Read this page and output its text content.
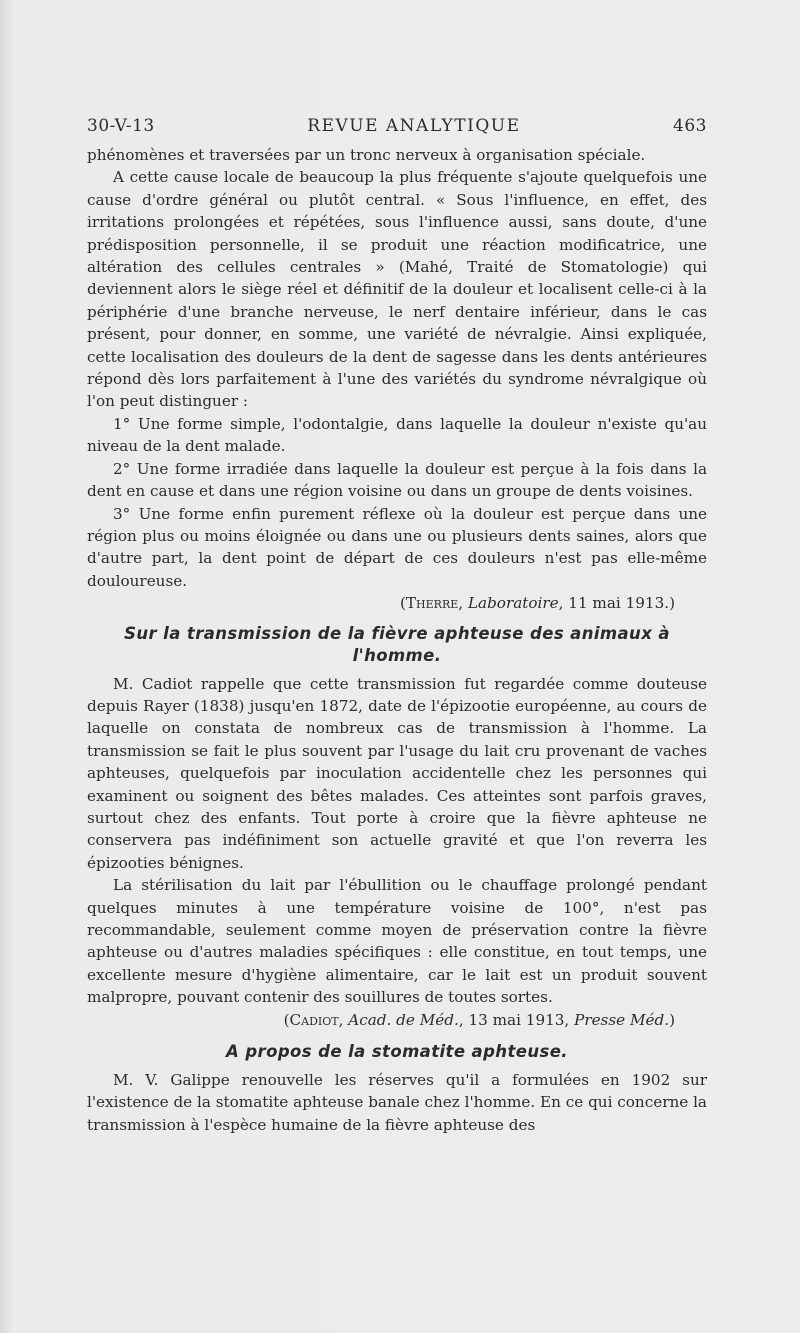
30-V-13	REVUE ANALYTIQUE	463

phénomènes et traversées par un tronc nerveux à organisation spéciale.

A cette cause locale de beaucoup la plus fréquente s'ajoute quelquefois une cause d'ordre général ou plutôt central. « Sous l'influence, en effet, des irritations prolongées et répétées, sous l'influence aussi, sans doute, d'une prédisposition personnelle, il se produit une réaction modificatrice, une altération des cellules centrales » (Mahé, Traité de Stomatologie) qui deviennent alors le siège réel et définitif de la douleur et localisent celle-ci à la périphérie d'une branche nerveuse, le nerf dentaire inférieur, dans le cas présent, pour donner, en somme, une variété de névralgie. Ainsi expliquée, cette localisation des douleurs de la dent de sagesse dans les dents antérieures répond dès lors parfaitement à l'une des variétés du syndrome névralgique où l'on peut distinguer :

1° Une forme simple, l'odontalgie, dans laquelle la douleur n'existe qu'au niveau de la dent malade.

2° Une forme irradiée dans laquelle la douleur est perçue à la fois dans la dent en cause et dans une région voisine ou dans un groupe de dents voisines.

3° Une forme enfin purement réflexe où la douleur est perçue dans une région plus ou moins éloignée ou dans une ou plusieurs dents saines, alors que d'autre part, la dent point de départ de ces douleurs n'est pas elle-même douloureuse.

(Therre, Laboratoire, 11 mai 1913.)
Sur la transmission de la fièvre aphteuse des animaux à l'homme.

M. Cadiot rappelle que cette transmission fut regardée comme douteuse depuis Rayer (1838) jusqu'en 1872, date de l'épizootie européenne, au cours de laquelle on constata de nombreux cas de transmission à l'homme. La transmission se fait le plus souvent par l'usage du lait cru provenant de vaches aphteuses, quelquefois par inoculation accidentelle chez les personnes qui examinent ou soignent des bêtes malades. Ces atteintes sont parfois graves, surtout chez des enfants. Tout porte à croire que la fièvre aphteuse ne conservera pas indéfiniment son actuelle gravité et que l'on reverra les épizooties bénignes.

La stérilisation du lait par l'ébullition ou le chauffage prolongé pendant quelques minutes à une température voisine de 100°, n'est pas recommandable, seulement comme moyen de préservation contre la fièvre aphteuse ou d'autres maladies spécifiques : elle constitue, en tout temps, une excellente mesure d'hygiène alimentaire, car le lait est un produit souvent malpropre, pouvant contenir des souillures de toutes sortes.

(Cadiot, Acad. de Méd., 13 mai 1913, Presse Méd.)
A propos de la stomatite aphteuse.

M. V. Galippe renouvelle les réserves qu'il a formulées en 1902 sur l'existence de la stomatite aphteuse banale chez l'homme. En ce qui concerne la transmission à l'espèce humaine de la fièvre aphteuse des
